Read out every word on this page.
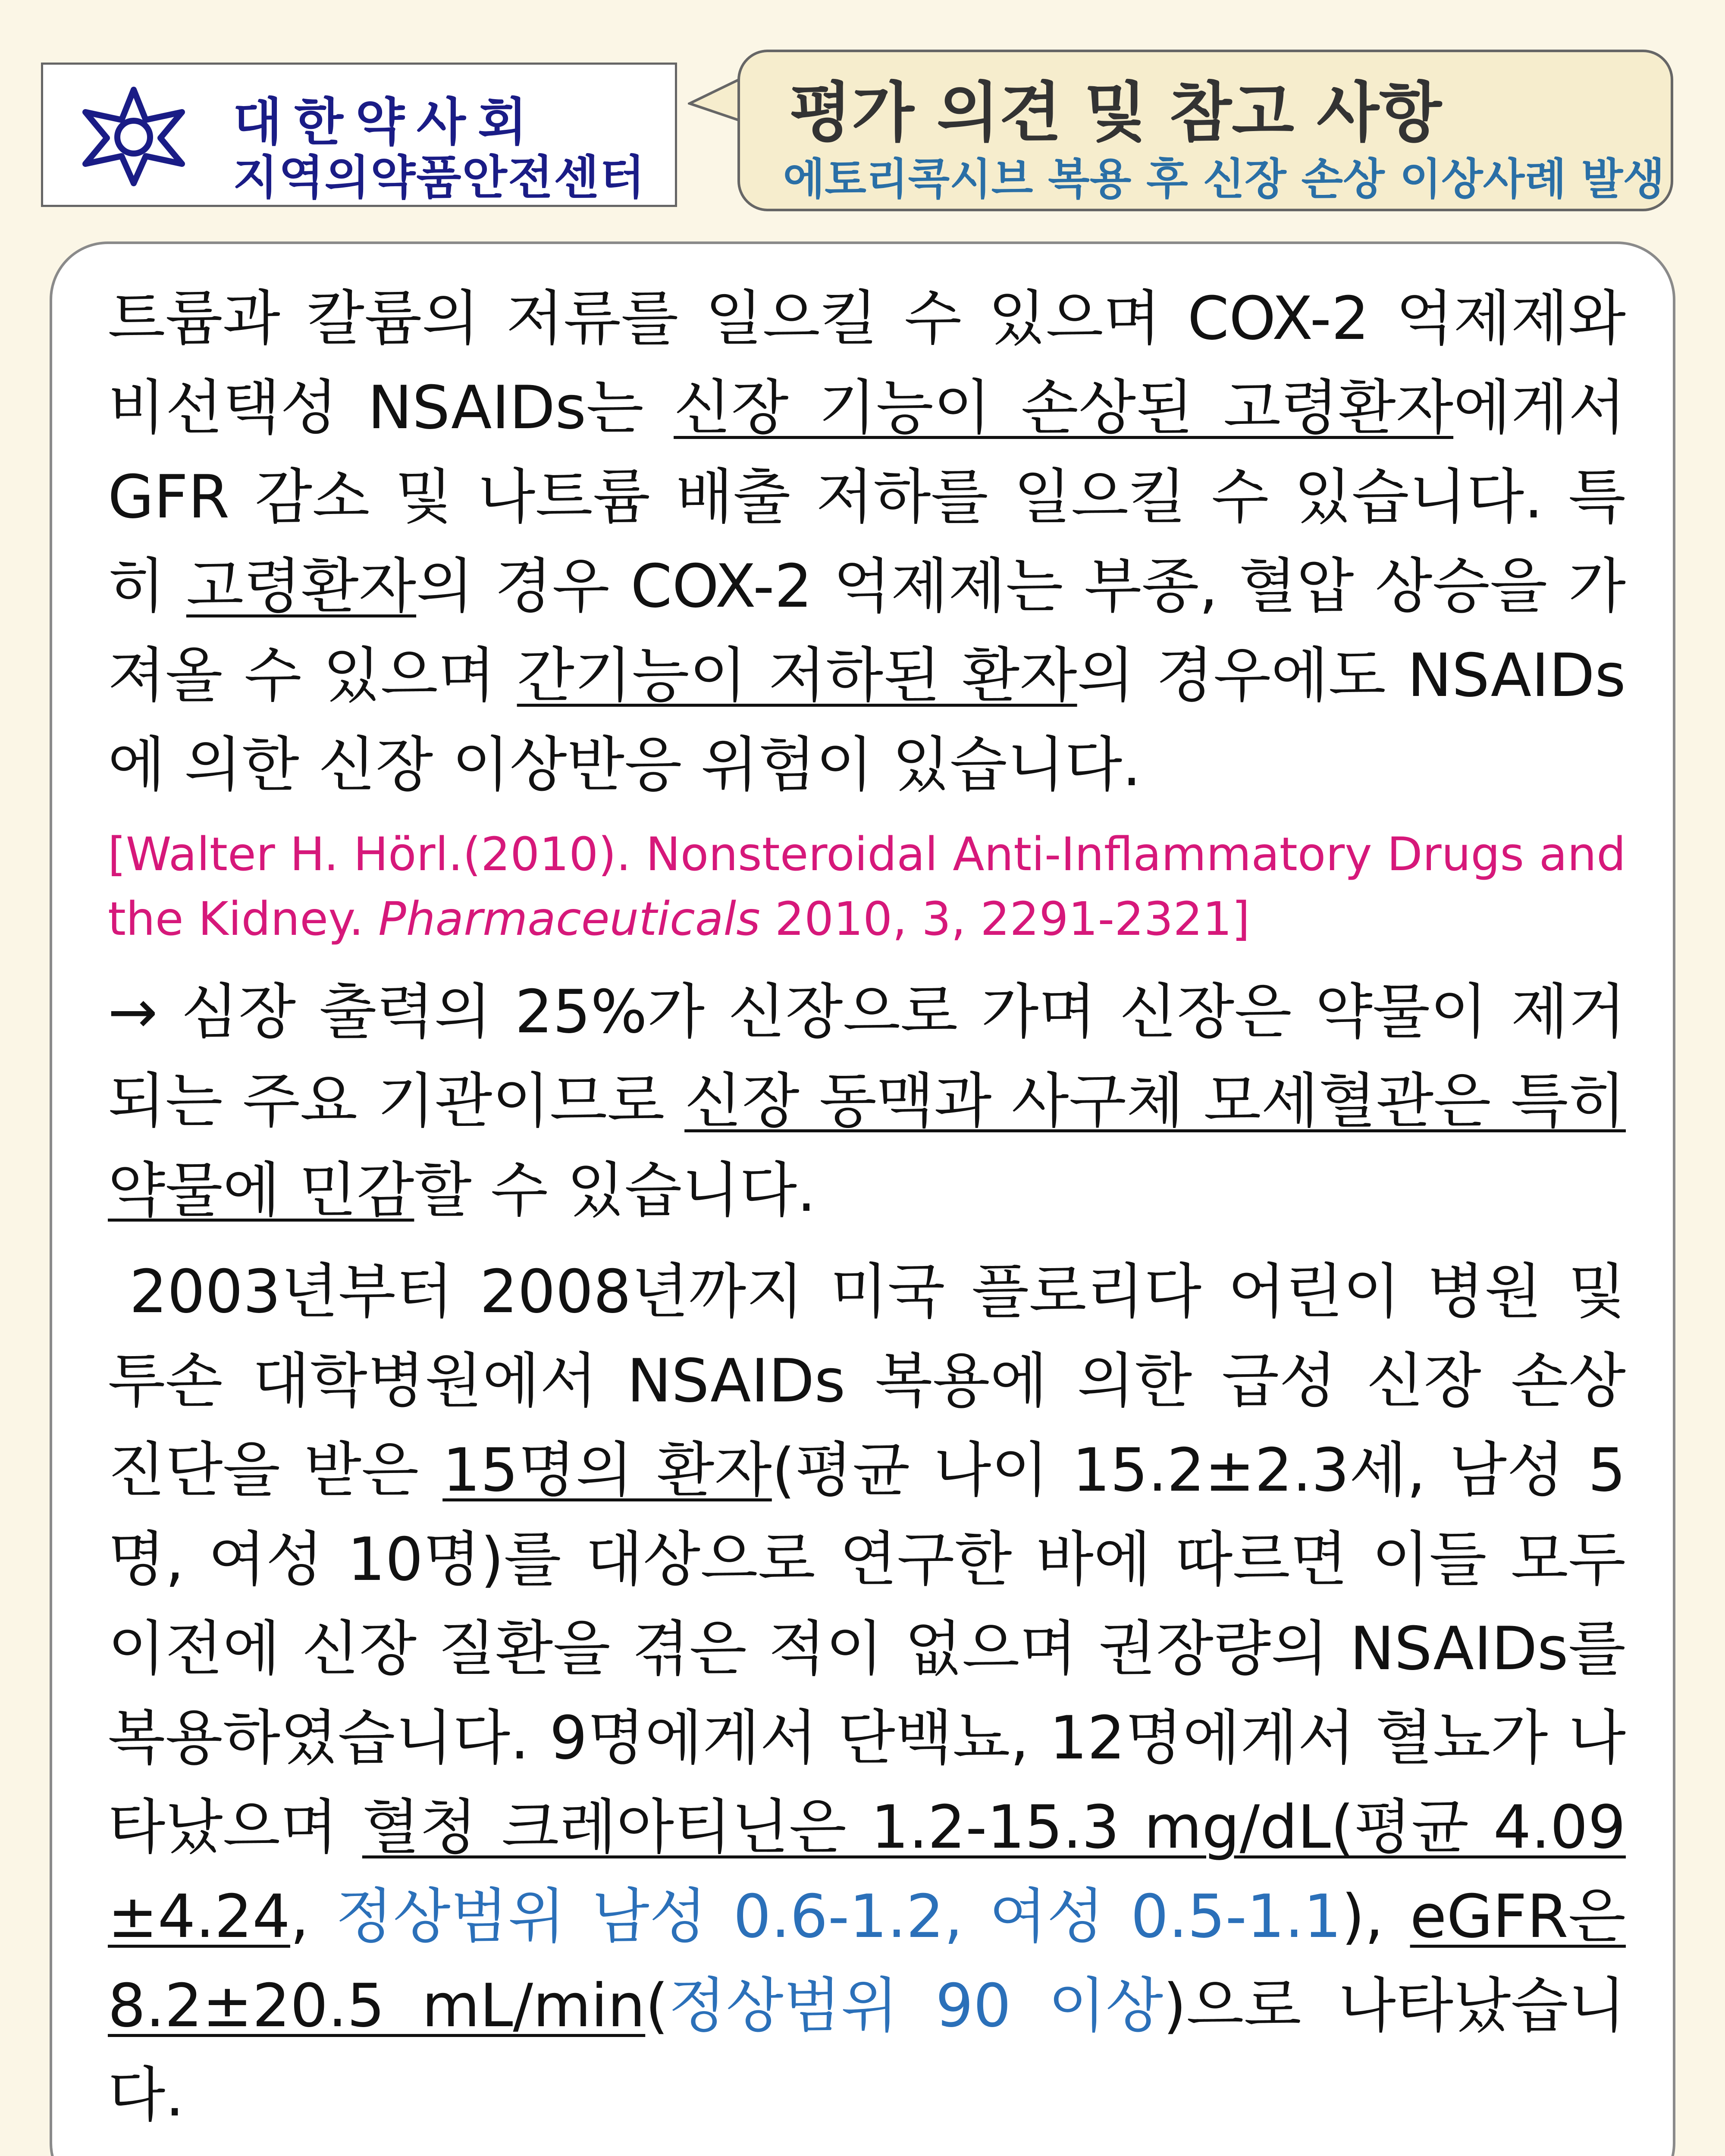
대한약사회
지역의약품안전센터
평가 의견 및 참고 사항
에토리콕시브 복용 후 신장 손상 이상사례 발생

트륨과 칼륨의 저류를 일으킬 수 있으며 COX-2 억제제와 비선택성 NSAIDs는 신장 기능이 손상된 고령환자에게서 GFR 감소 및 나트륨 배출 저하를 일으킬 수 있습니다. 특히 고령환자의 경우 COX-2 억제제는 부종, 혈압 상승을 가져올 수 있으며 간기능이 저하된 환자의 경우에도 NSAIDs에 의한 신장 이상반응 위험이 있습니다.

[Walter H. Hörl.(2010). Nonsteroidal Anti-Inflammatory Drugs and the Kidney. Pharmaceuticals 2010, 3, 2291-2321]

→ 심장 출력의 25%가 신장으로 가며 신장은 약물이 제거되는 주요 기관이므로 신장 동맥과 사구체 모세혈관은 특히 약물에 민감할 수 있습니다.

2003년부터 2008년까지 미국 플로리다 어린이 병원 및 투손 대학병원에서 NSAIDs 복용에 의한 급성 신장 손상 진단을 받은 15명의 환자(평균 나이 15.2±2.3세, 남성 5명, 여성 10명)를 대상으로 연구한 바에 따르면 이들 모두 이전에 신장 질환을 겪은 적이 없으며 권장량의 NSAIDs를 복용하였습니다. 9명에게서 단백뇨, 12명에게서 혈뇨가 나타났으며 혈청 크레아티닌은 1.2-15.3 mg/dL(평균 4.09±4.24, 정상범위 남성 0.6-1.2, 여성 0.5-1.1), eGFR은 8.2±20.5 mL/min(정상범위 90 이상)으로 나타났습니다.
